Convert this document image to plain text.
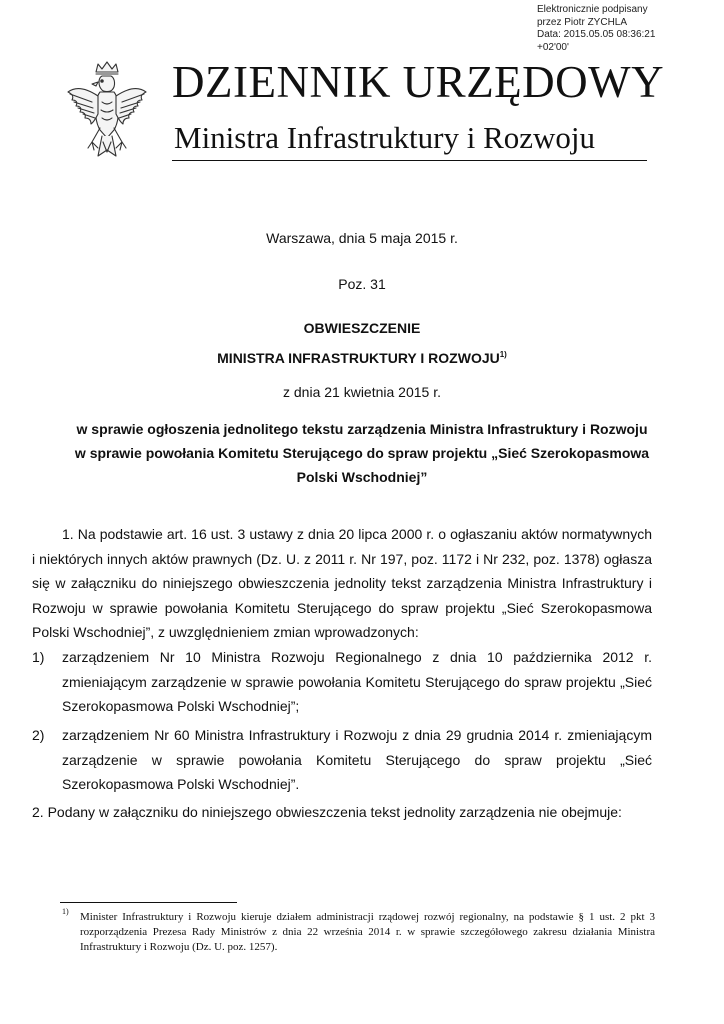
Elektronicznie podpisany
przez Piotr ZYCHLA
Data: 2015.05.05 08:36:21
+02'00'
DZIENNIK URZĘDOWY
Ministra Infrastruktury i Rozwoju
Warszawa, dnia 5 maja 2015 r.
Poz. 31
OBWIESZCZENIE
MINISTRA INFRASTRUKTURY I ROZWOJU$^{1)}$
z dnia 21 kwietnia 2015 r.
w sprawie ogłoszenia jednolitego tekstu zarządzenia Ministra Infrastruktury i Rozwoju
w sprawie powołania Komitetu Sterującego do spraw projektu „Sieć Szerokopasmowa
Polski Wschodniej”
1. Na podstawie art. 16 ust. 3 ustawy z dnia 20 lipca 2000 r. o ogłaszaniu aktów normatywnych i niektórych innych aktów prawnych (Dz. U. z 2011 r. Nr 197, poz. 1172 i Nr 232, poz. 1378) ogłasza się w załączniku do niniejszego obwieszczenia jednolity tekst zarządzenia Ministra Infrastruktury i Rozwoju w sprawie powołania Komitetu Sterującego do spraw projektu „Sieć Szerokopasmowa Polski Wschodniej”, z uwzględnieniem zmian wprowadzonych:
1) zarządzeniem Nr 10 Ministra Rozwoju Regionalnego z dnia 10 października 2012 r. zmieniającym zarządzenie w sprawie powołania Komitetu Sterującego do spraw projektu „Sieć Szerokopasmowa Polski Wschodniej”;
2) zarządzeniem Nr 60 Ministra Infrastruktury i Rozwoju z dnia 29 grudnia 2014 r. zmieniającym zarządzenie w sprawie powołania Komitetu Sterującego do spraw projektu „Sieć Szerokopasmowa Polski Wschodniej”.
2. Podany w załączniku do niniejszego obwieszczenia tekst jednolity zarządzenia nie obejmuje:
1) Minister Infrastruktury i Rozwoju kieruje działem administracji rządowej rozwój regionalny, na podstawie § 1 ust. 2 pkt 3 rozporządzenia Prezesa Rady Ministrów z dnia 22 września 2014 r. w sprawie szczegółowego zakresu działania Ministra Infrastruktury i Rozwoju (Dz. U. poz. 1257).
